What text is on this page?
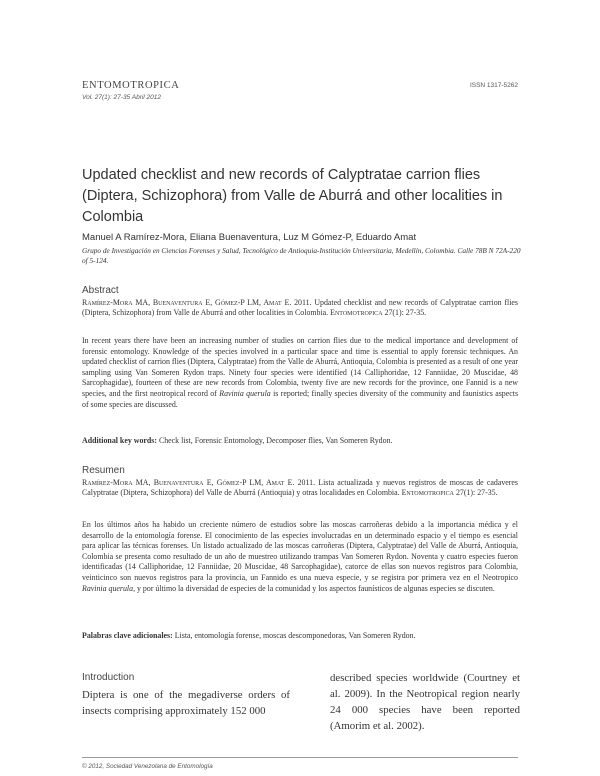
ENTOMOTROPICA
Vol. 27(1): 27-35 Abril 2012
ISSN 1317-5262
Updated checklist and new records of Calyptratae carrion flies (Diptera, Schizophora) from Valle de Aburrá and other localities in Colombia
Manuel A Ramírez-Mora, Eliana Buenaventura, Luz M Gómez-P, Eduardo Amat
Grupo de Investigación en Ciencias Forenses y Salud, Tecnológico de Antioquia-Institución Universitaria, Medellín, Colombia. Calle 78B N 72A-220 of 5-124.
Abstract
Ramírez-Mora MA, Buenaventura E, Gómez-P LM, Amat E. 2011. Updated checklist and new records of Calyptratae carrion flies (Diptera, Schizophora) from Valle de Aburrá and other localities in Colombia. Entomotropica 27(1): 27-35.
In recent years there have been an increasing number of studies on carrion flies due to the medical importance and development of forensic entomology. Knowledge of the species involved in a particular space and time is essential to apply forensic techniques. An updated checklist of carrion flies (Diptera, Calyptratae) from the Valle de Aburrá, Antioquia, Colombia is presented as a result of one year sampling using Van Someren Rydon traps. Ninety four species were identified (14 Calliphoridae, 12 Fanniidae, 20 Muscidae, 48 Sarcophagidae), fourteen of these are new records from Colombia, twenty five are new records for the province, one Fannid is a new species, and the first neotropical record of Ravinia querula is reported; finally species diversity of the community and faunistics aspects of some species are discussed.
Additional key words: Check list, Forensic Entomology, Decomposer flies, Van Someren Rydon.
Resumen
Ramírez-Mora MA, Buenaventura E, Gómez-P LM, Amat E. 2011. Lista actualizada y nuevos registros de moscas de cadaveres Calyptratae (Diptera, Schizophora) del Valle de Aburrá (Antioquia) y otras localidades en Colombia. Entomotropica 27(1): 27-35.
En los últimos años ha habido un creciente número de estudios sobre las moscas carroñeras debido a la importancia médica y el desarrollo de la entomología forense. El conocimiento de las especies involucradas en un determinado espacio y el tiempo es esencial para aplicar las técnicas forenses. Un listado actualizado de las moscas carroñeras (Diptera, Calyptratae) del Valle de Aburrá, Antioquia, Colombia se presenta como resultado de un año de muestreo utilizando trampas Van Someren Rydon. Noventa y cuatro especies fueron identificadas (14 Calliphoridae, 12 Fanniidae, 20 Muscidae, 48 Sarcophagidae), catorce de ellas son nuevos registros para Colombia, veinticinco son nuevos registros para la provincia, un Fannido es una nueva especie, y se registra por primera vez en el Neotropico Ravinia querula, y por último la diversidad de especies de la comunidad y los aspectos faunísticos de algunas especies se discuten.
Palabras clave adicionales: Lista, entomología forense, moscas descomponedoras, Van Someren Rydon.
Introduction
Diptera is one of the megadiverse orders of insects comprising approximately 152 000
described species worldwide (Courtney et al. 2009). In the Neotropical region nearly 24 000 species have been reported (Amorim et al. 2002).
© 2012, Sociedad Venezolana de Entomología
